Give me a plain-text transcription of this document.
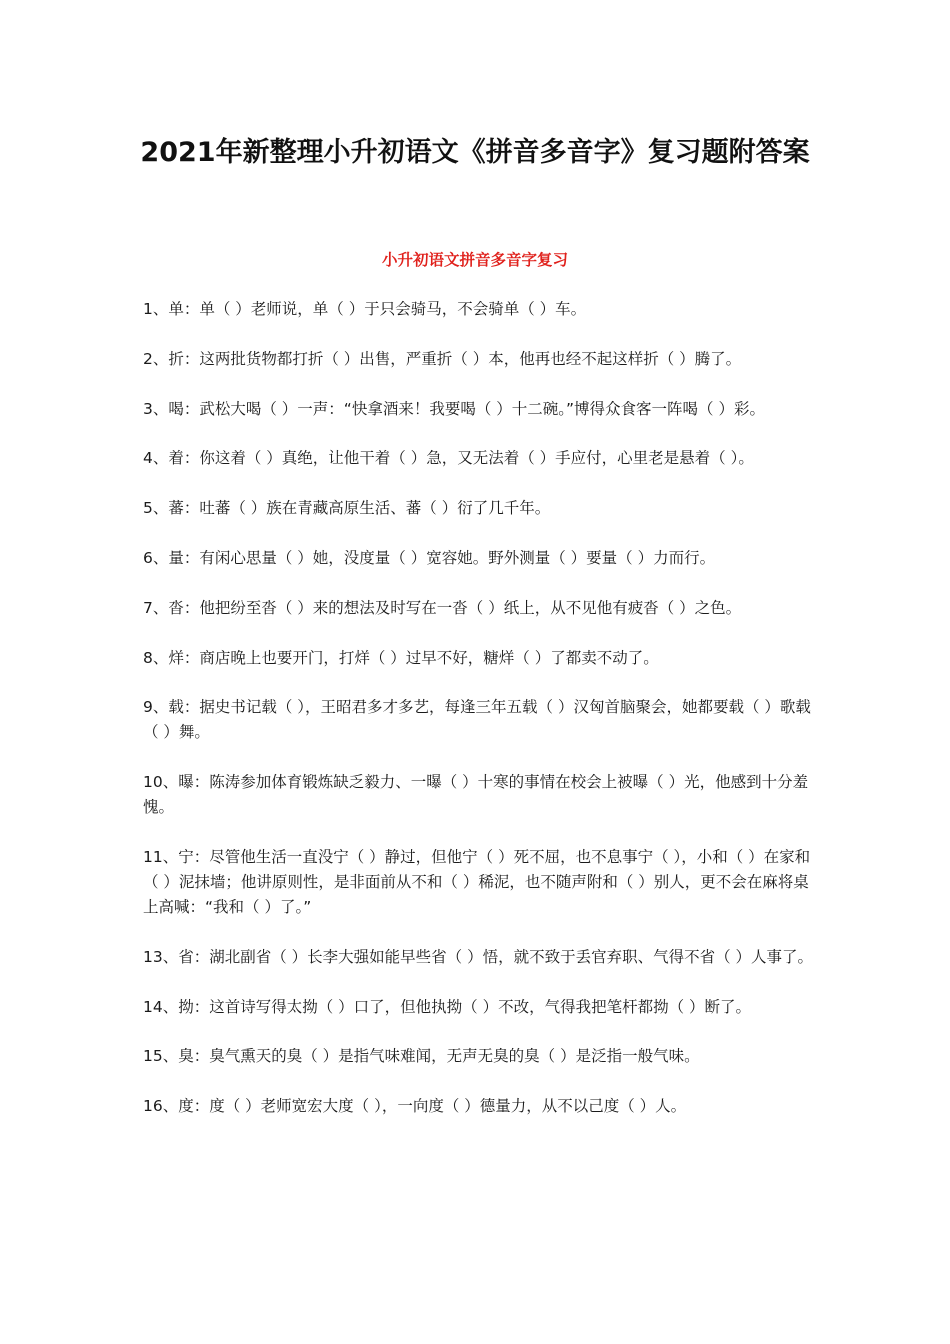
2021年新整理小升初语文《拼音多音字》复习题附答案
小升初语文拼音多音字复习
1、单：单（ ）老师说，单（ ）于只会骑马，不会骑单（ ）车。
2、折：这两批货物都打折（ ）出售，严重折（ ）本，他再也经不起这样折（ ）腾了。
3、喝：武松大喝（ ）一声：“快拿酒来！我要喝（ ）十二碗。”博得众食客一阵喝（ ）彩。
4、着：你这着（ ）真绝，让他干着（ ）急，又无法着（ ）手应付，心里老是悬着（ ）。
5、蕃：吐蕃（ ）族在青藏高原生活、蕃（ ）衍了几千年。
6、量：有闲心思量（ ）她，没度量（ ）宽容她。野外测量（ ）要量（ ）力而行。
7、沓：他把纷至沓（ ）来的想法及时写在一沓（ ）纸上，从不见他有疲沓（ ）之色。
8、烊：商店晚上也要开门，打烊（ ）过早不好，糖烊（ ）了都卖不动了。
9、载：据史书记载（ ），王昭君多才多艺，每逢三年五载（ ）汉匈首脑聚会，她都要载（ ）歌载（ ）舞。
10、曝：陈涛参加体育锻炼缺乏毅力、一曝（ ）十寒的事情在校会上被曝（ ）光，他感到十分羞愧。
11、宁：尽管他生活一直没宁（ ）静过，但他宁（ ）死不屈，也不息事宁（ ），小和（ ）在家和（ ）泥抹墙；他讲原则性，是非面前从不和（ ）稀泥，也不随声附和（ ）别人，更不会在麻将桌上高喊：“我和（ ）了。”
13、省：湖北副省（ ）长李大强如能早些省（ ）悟，就不致于丢官弃职、气得不省（ ）人事了。
14、拗：这首诗写得太拗（ ）口了，但他执拗（ ）不改，气得我把笔杆都拗（ ）断了。
15、臭：臭气熏天的臭（ ）是指气味难闻，无声无臭的臭（ ）是泛指一般气味。
16、度：度（ ）老师宽宏大度（ ），一向度（ ）德量力，从不以己度（ ）人。
